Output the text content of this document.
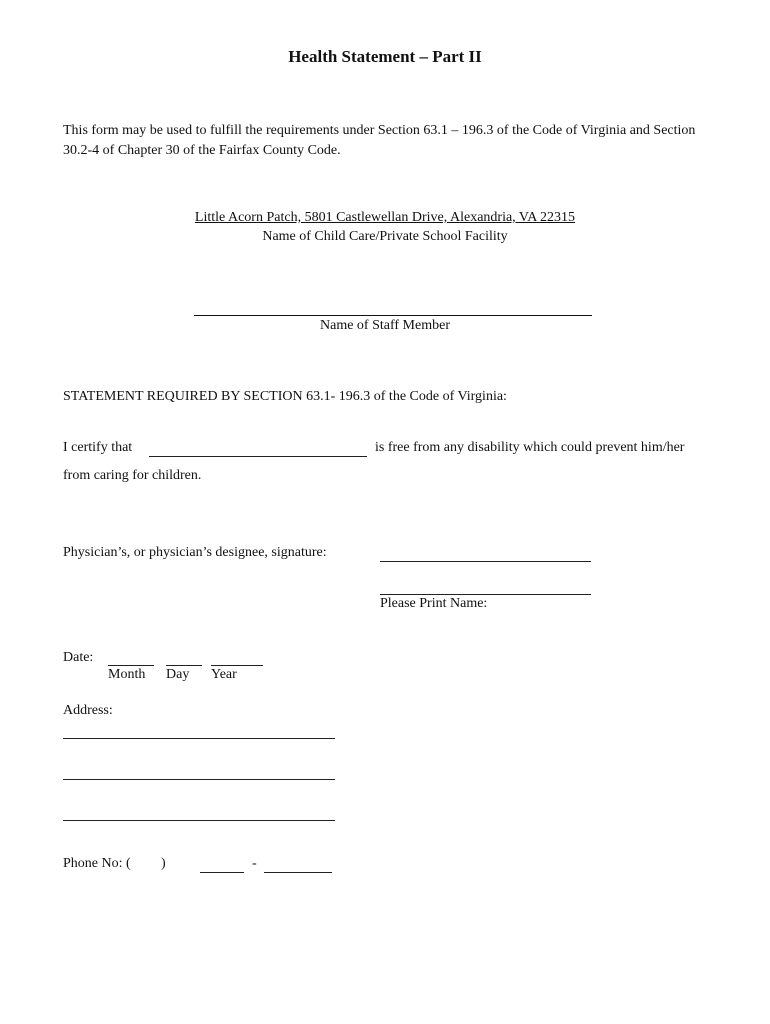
Health Statement – Part II
This form may be used to fulfill the requirements under Section 63.1 – 196.3 of the Code of Virginia and Section 30.2-4 of Chapter 30 of the Fairfax County Code.
Little Acorn Patch, 5801 Castlewellan Drive, Alexandria, VA 22315
Name of Child Care/Private School Facility
Name of Staff Member
STATEMENT REQUIRED BY SECTION 63.1- 196.3 of the Code of Virginia:
I certify that	is free from any disability which could prevent him/her
from caring for children.
Physician’s, or physician’s designee, signature:
Please Print Name:
Date:
Month Day Year
Address:
Phone No: ( )	-
